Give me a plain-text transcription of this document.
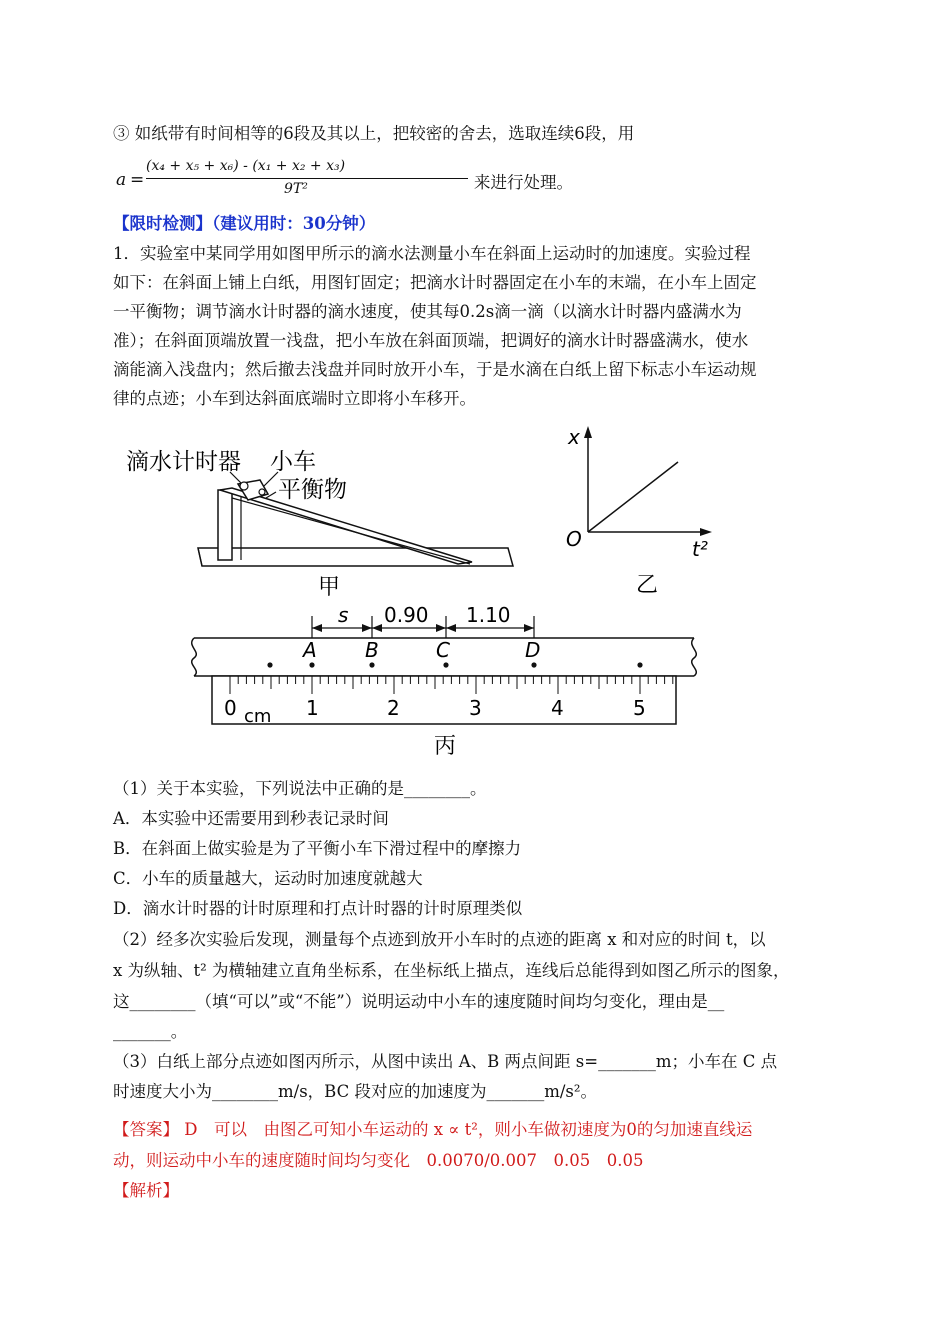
③ 如纸带有时间相等的6段及其以上，把较密的舍去，选取连续6段，用
a =
(x₄ + x₅ + x₆) - (x₁ + x₂ + x₃)
9T²	来进行处理。
【限时检测】（建议用时：30分钟）
1．实验室中某同学用如图甲所示的滴水法测量小车在斜面上运动时的加速度。实验过程
如下：在斜面上铺上白纸，用图钉固定；把滴水计时器固定在小车的末端，在小车上固定
一平衡物；调节滴水计时器的滴水速度，使其每0.2s滴一滴（以滴水计时器内盛满水为
准）；在斜面顶端放置一浅盘，把小车放在斜面顶端，把调好的滴水计时器盛满水，使水
滴能滴入浅盘内；然后撤去浅盘并同时放开小车，于是水滴在白纸上留下标志小车运动规
律的点迹；小车到达斜面底端时立即将小车移开。
滴水计时器 小车
平衡物
甲
x
t²
O
乙
s 0.90 1.10
A B	C	D
0	1	2	3	4	5
cm
丙
（1）关于本实验，下列说法中正确的是________。
A．本实验中还需要用到秒表记录时间
B．在斜面上做实验是为了平衡小车下滑过程中的摩擦力
C．小车的质量越大，运动时加速度就越大
D．滴水计时器的计时原理和打点计时器的计时原理类似
（2）经多次实验后发现，测量每个点迹到放开小车时的点迹的距离 x 和对应的时间 t，以
x 为纵轴、t² 为横轴建立直角坐标系，在坐标纸上描点，连线后总能得到如图乙所示的图象，
这________（填“可以”或“不能”）说明运动中小车的速度随时间均匀变化，理由是__
_______。
（3）白纸上部分点迹如图丙所示，从图中读出 A、B 两点间距 s=_______m；小车在 C 点
时速度大小为________m/s，BC 段对应的加速度为_______m/s²。
【答案】 D　可以　由图乙可知小车运动的 x ∝ t²，则小车做初速度为0的匀加速直线运
动，则运动中小车的速度随时间均匀变化　0.0070/0.007　0.05　0.05
【解析】
